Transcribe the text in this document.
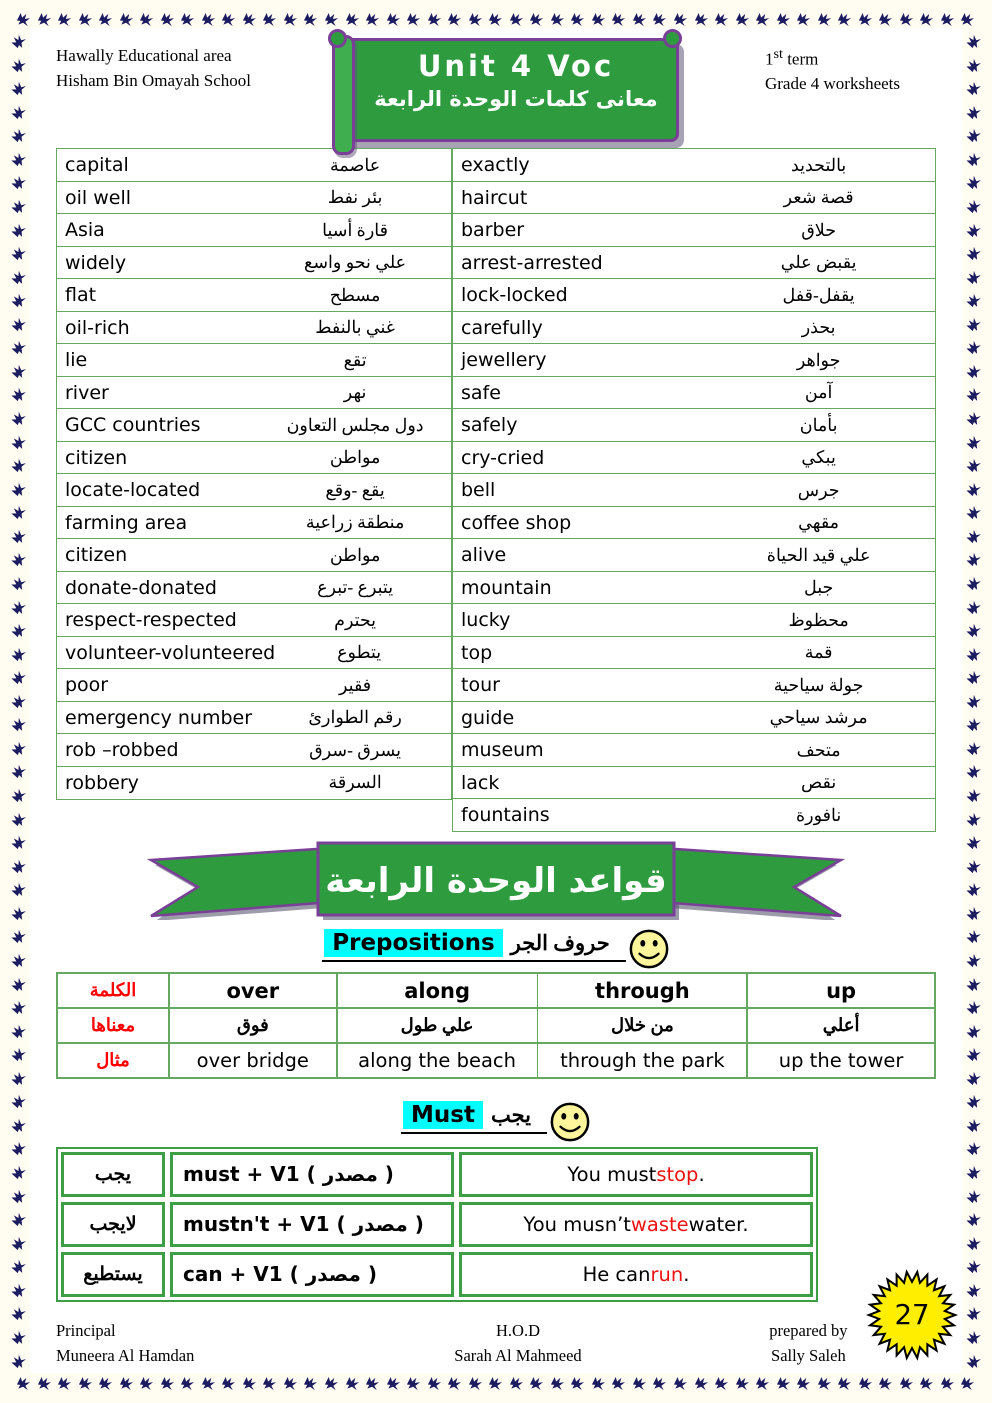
Hawally Educational area
Hisham Bin Omayah School	Unit 4 Voc
معانى كلمات الوحدة الرابعة
1st term
Grade 4 worksheets
capital	عاصمة
oil well	بئر نفط
Asia	قارة أسيا
widely	علي نحو واسع
flat	مسطح
oil-rich	غني بالنفط
lie	تقع
river	نهر
GCC countries	دول مجلس التعاون
citizen	مواطن
locate-located	يقع -وقع
farming area	منطقة زراعية
citizen	مواطن
donate-donated	يتبرع -تبرع
respect-respected	يحترم
volunteer-volunteered	يتطوع
poor	فقير
emergency number	رقم الطوارئ
rob –robbed	يسرق -سرق
robbery	السرقة
exactly	بالتحديد
haircut	قصة شعر
barber	حلاق
arrest-arrested	يقبض علي
lock-locked	يقفل-قفل
carefully	بحذر
jewellery	جواهر
safe	آمن
safely	بأمان
cry-cried	يبكي
bell	جرس
coffee shop	مقهي
alive	علي قيد الحياة
mountain	جبل
lucky	محظوظ
top	قمة
tour	جولة سياحية
guide	مرشد سياحي
museum	متحف
lack	نقص
fountains	نافورة
قواعد الوحدة الرابعة
Prepositions حروف الجر
الكلمة	over	along	through	up
معناها	فوق	علي طول	من خلال	أعلي
مثال	over bridge	along the beach	through the park	up the tower
Must يجب
يجب	must + V1 ( مصدر )	You must stop .
لايجب	mustn't + V1 ( مصدر )	You musn’t waste water.
يستطيع	can + V1 ( مصدر )	He can run .
Principal
Muneera Al Hamdan
H.O.D
Sarah Al Mahmeed
prepared by
Sally Saleh
27
